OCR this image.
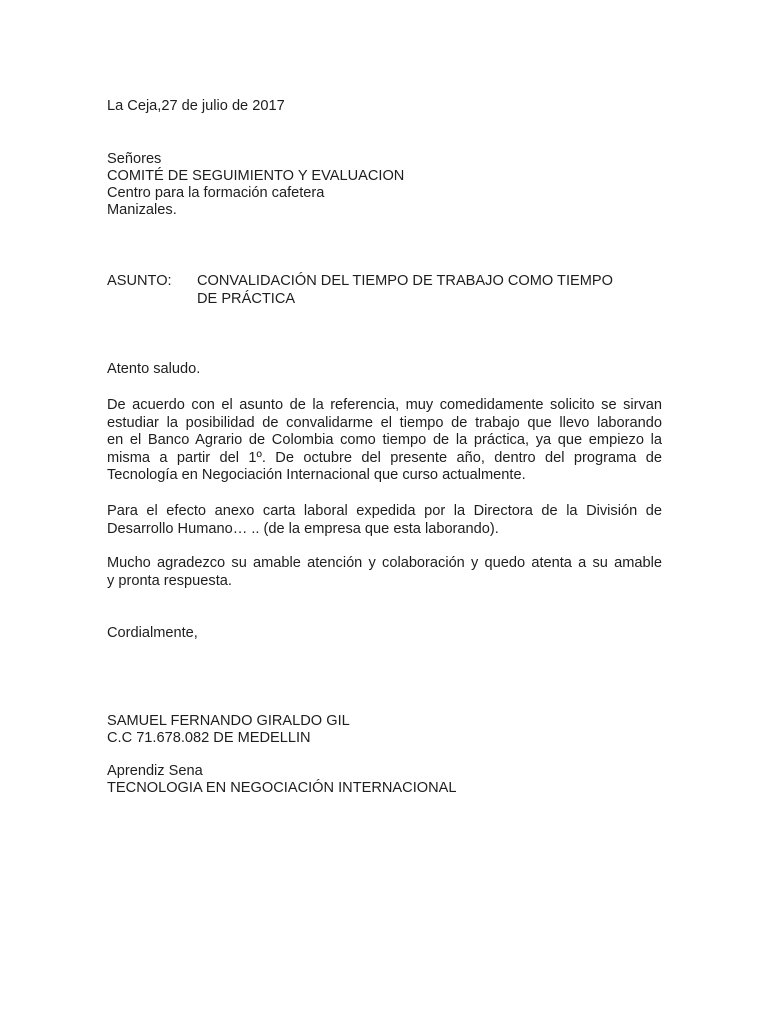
La Ceja,27 de julio de 2017
Señores
COMITÉ DE SEGUIMIENTO Y EVALUACION
Centro para la formación cafetera
Manizales.
ASUNTO: CONVALIDACIÓN DEL TIEMPO DE TRABAJO COMO TIEMPO
DE PRÁCTICA
Atento saludo.
De acuerdo con el asunto de la referencia, muy comedidamente solicito se sirvan
estudiar la posibilidad de convalidarme el tiempo de trabajo que llevo laborando
en el Banco Agrario de Colombia como tiempo de la práctica, ya que empiezo la
misma a partir del 1º. De octubre del presente año, dentro del programa de
Tecnología en Negociación Internacional que curso actualmente.
Para el efecto anexo carta laboral expedida por la Directora de la División de
Desarrollo Humano… .. (de la empresa que esta laborando).
Mucho agradezco su amable atención y colaboración y quedo atenta a su amable
y pronta respuesta.
Cordialmente,
SAMUEL FERNANDO GIRALDO GIL
C.C 71.678.082 DE MEDELLIN
Aprendiz Sena
TECNOLOGIA EN NEGOCIACIÓN INTERNACIONAL
